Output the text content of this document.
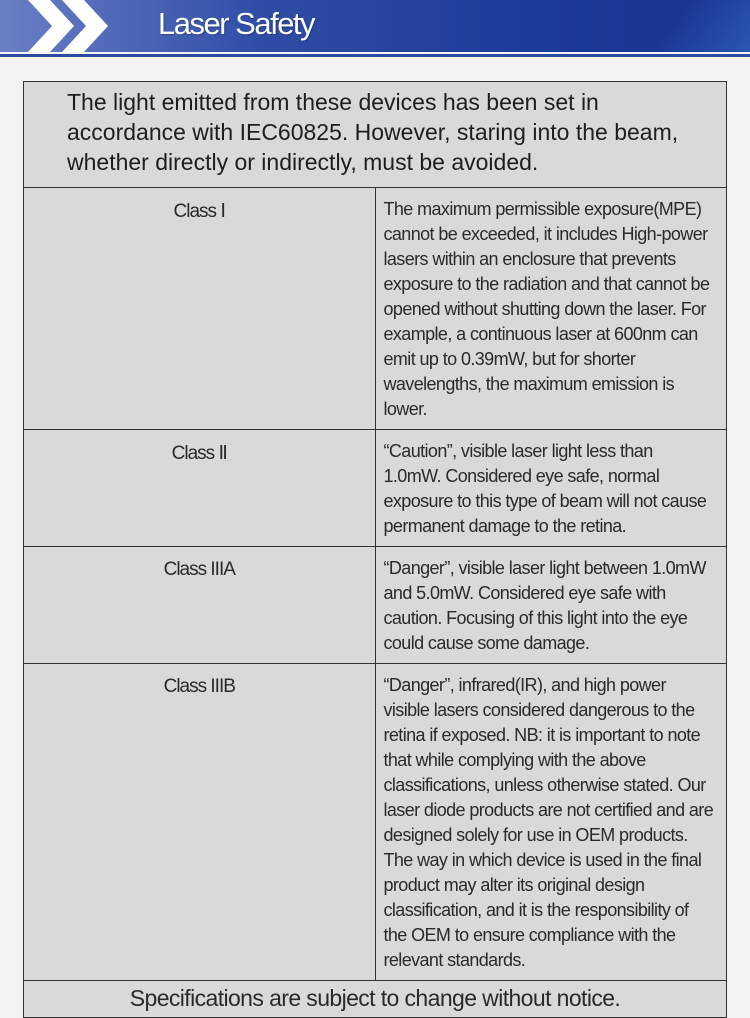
Laser Safety
The light emitted from these devices has been set in accordance with IEC60825. However, staring into the beam, whether directly or indirectly, must be avoided.	
Class Ⅰ	The maximum permissible exposure(MPE) cannot be exceeded, it includes High-power lasers within an enclosure that prevents exposure to the radiation and that cannot be opened without shutting down the laser. For example, a continuous laser at 600nm can emit up to 0.39mW, but for shorter wavelengths, the maximum emission is lower.
Class Ⅱ	“Caution”, visible laser light less than 1.0mW. Considered eye safe, normal exposure to this type of beam will not cause permanent damage to the retina.
Class IIIA	“Danger”, visible laser light between 1.0mW and 5.0mW. Considered eye safe with caution. Focusing of this light into the eye could cause some damage.
Class IIIB	“Danger”, infrared(IR), and high power visible lasers considered dangerous to the retina if exposed. NB: it is important to note that while complying with the above classifications, unless otherwise stated. Our laser diode products are not certified and are designed solely for use in OEM products. The way in which device is used in the final product may alter its original design classification, and it is the responsibility of the OEM to ensure compliance with the relevant standards.
Specifications are subject to change without notice.	
